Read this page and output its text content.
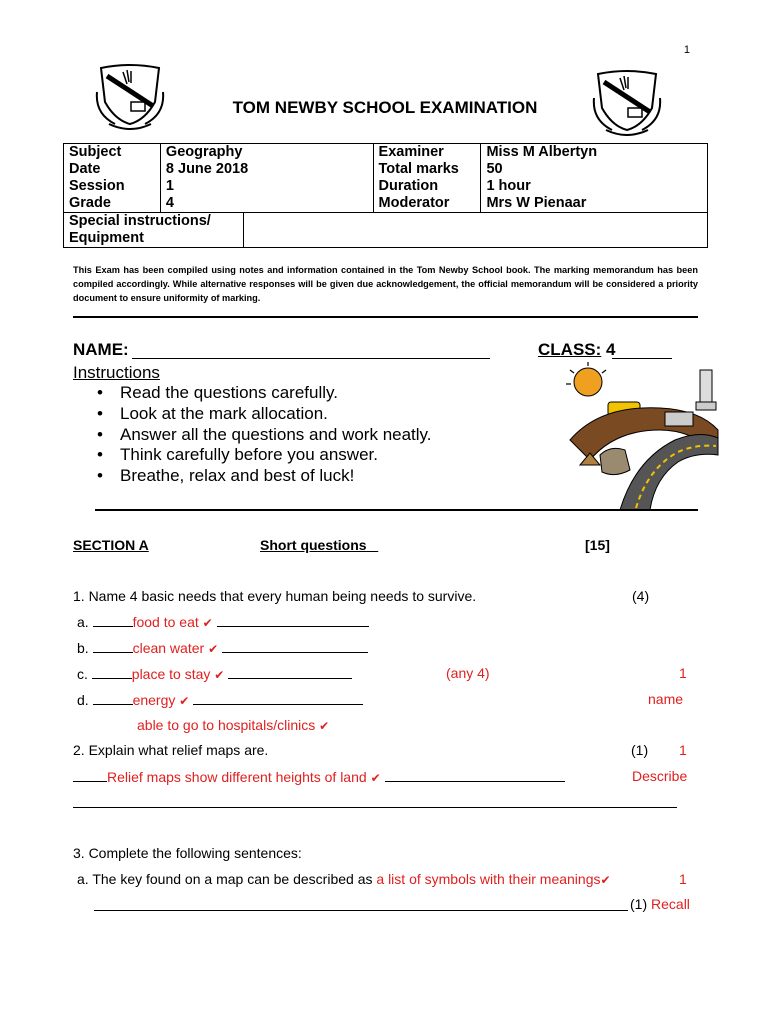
1
TOM NEWBY SCHOOL EXAMINATION
Subject	Geography		Examiner	Miss M Albertyn
Date	8 June 2018		Total marks	50
Session	1		Duration	1 hour
Grade	4		Moderator	Mrs W Pienaar

Special instructions/
Equipment				

This Exam has been compiled using notes and information contained in the Tom Newby School book. The marking memorandum has been compiled accordingly. While alternative responses will be given due acknowledgement, the official memorandum will be considered a priority document to ensure uniformity of marking.
NAME:	CLASS: 4
Instructions
• Read the questions carefully.
• Look at the mark allocation.
• Answer all the questions and work neatly.
• Think carefully before you answer.
• Breathe, relax and best of luck!
SECTION A	Short questions	[15]
1. Name 4 basic needs that every human being needs to survive.	(4)
a.	food to eat ✔
b.	clean water ✔
c.	place to stay ✔	(any 4)	1
d.	energy ✔	name
able to go to hospitals/clinics ✔
2. Explain what relief maps are.	(1) 1
Relief maps show different heights of land ✔	Describe
3. Complete the following sentences:
a. The key found on a map can be described as a list of symbols with their meanings✔	1
(1) Recall
